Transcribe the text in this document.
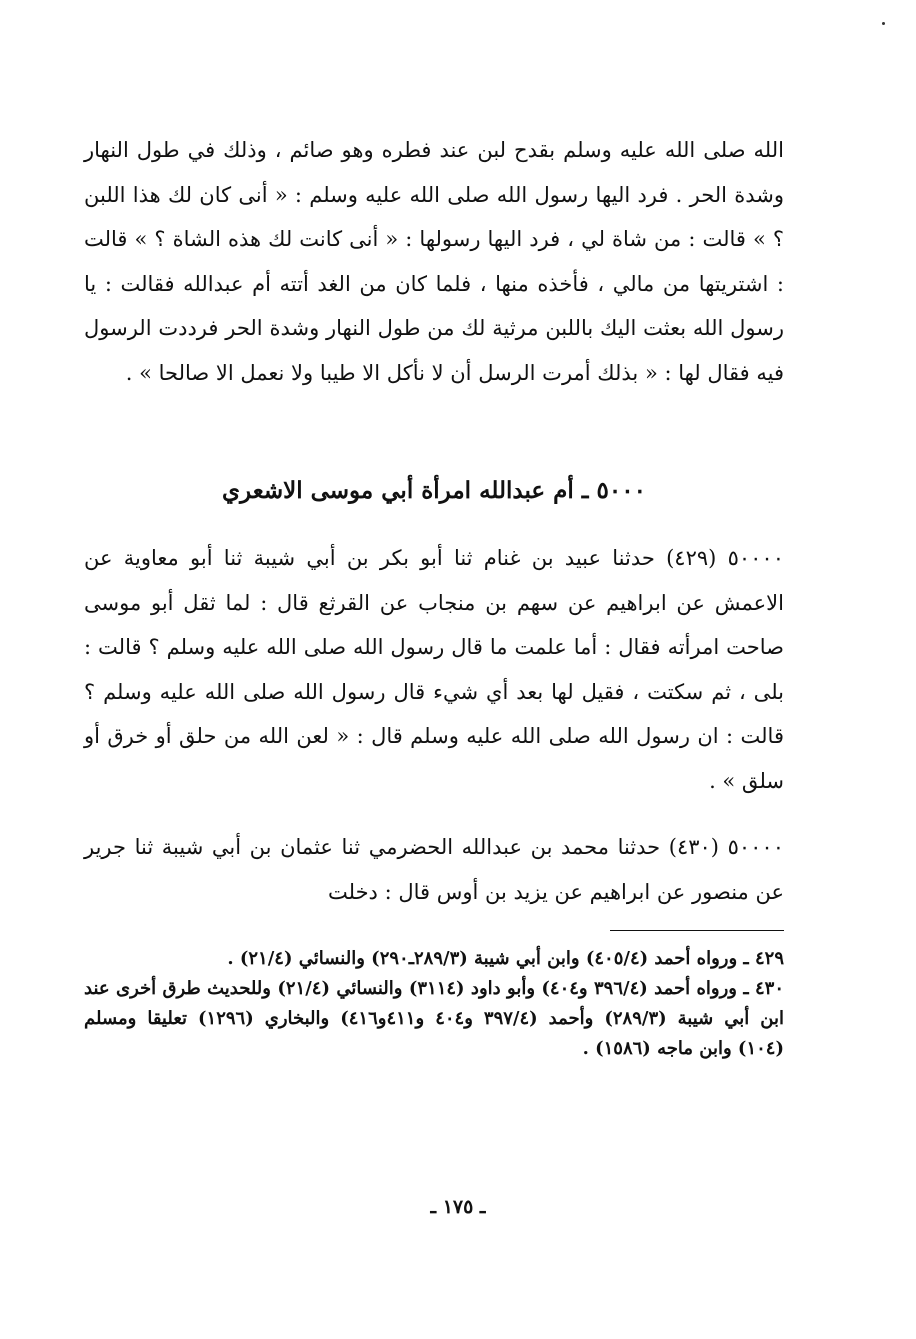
الله صلى الله عليه وسلم بقدح لبن عند فطره وهو صائم ، وذلك في طول النهار وشدة الحر . فرد اليها رسول الله صلى الله عليه وسلم : « أنى كان لك هذا اللبن ؟ » قالت : من شاة لي ، فرد اليها رسولها : « أنى كانت لك هذه الشاة ؟ » قالت : اشتريتها من مالي ، فأخذه منها ، فلما كان من الغد أتته أم عبدالله فقالت : يا رسول الله بعثت اليك باللبن مرثية لك من طول النهار وشدة الحر فرددت الرسول فيه فقال لها : « بذلك أمرت الرسل أن لا نأكل الا طيبا ولا نعمل الا صالحا » .

٥٠٠٠ ـ أم عبدالله امرأة أبي موسى الاشعري

٥٠٠٠٠ (٤٢٩) حدثنا عبيد بن غنام ثنا أبو بكر بن أبي شيبة ثنا أبو معاوية عن الاعمش عن ابراهيم عن سهم بن منجاب عن القرثع قال : لما ثقل أبو موسى صاحت امرأته فقال : أما علمت ما قال رسول الله صلى الله عليه وسلم ؟ قالت : بلى ، ثم سكتت ، فقيل لها بعد أي شيء قال رسول الله صلى الله عليه وسلم ؟ قالت : ان رسول الله صلى الله عليه وسلم قال : « لعن الله من حلق أو خرق أو سلق » .

٥٠٠٠٠ (٤٣٠) حدثنا محمد بن عبدالله الحضرمي ثنا عثمان بن أبي شيبة ثنا جرير عن منصور عن ابراهيم عن يزيد بن أوس قال : دخلت

٤٢٩ ـ ورواه أحمد (٤٠٥/٤) وابن أبي شيبة (٢٨٩/٣ـ٢٩٠) والنسائي (٢١/٤) .

٤٣٠ ـ ورواه أحمد (٣٩٦/٤ و٤٠٤) وأبو داود (٣١١٤) والنسائي (٢١/٤) وللحديث طرق أخرى عند ابن أبي شيبة (٢٨٩/٣) وأحمد (٣٩٧/٤ و٤٠٤ و٤١١و٤١٦) والبخاري (١٢٩٦) تعليقا ومسلم (١٠٤) وابن ماجه (١٥٨٦) .

ـ ١٧٥ ـ
